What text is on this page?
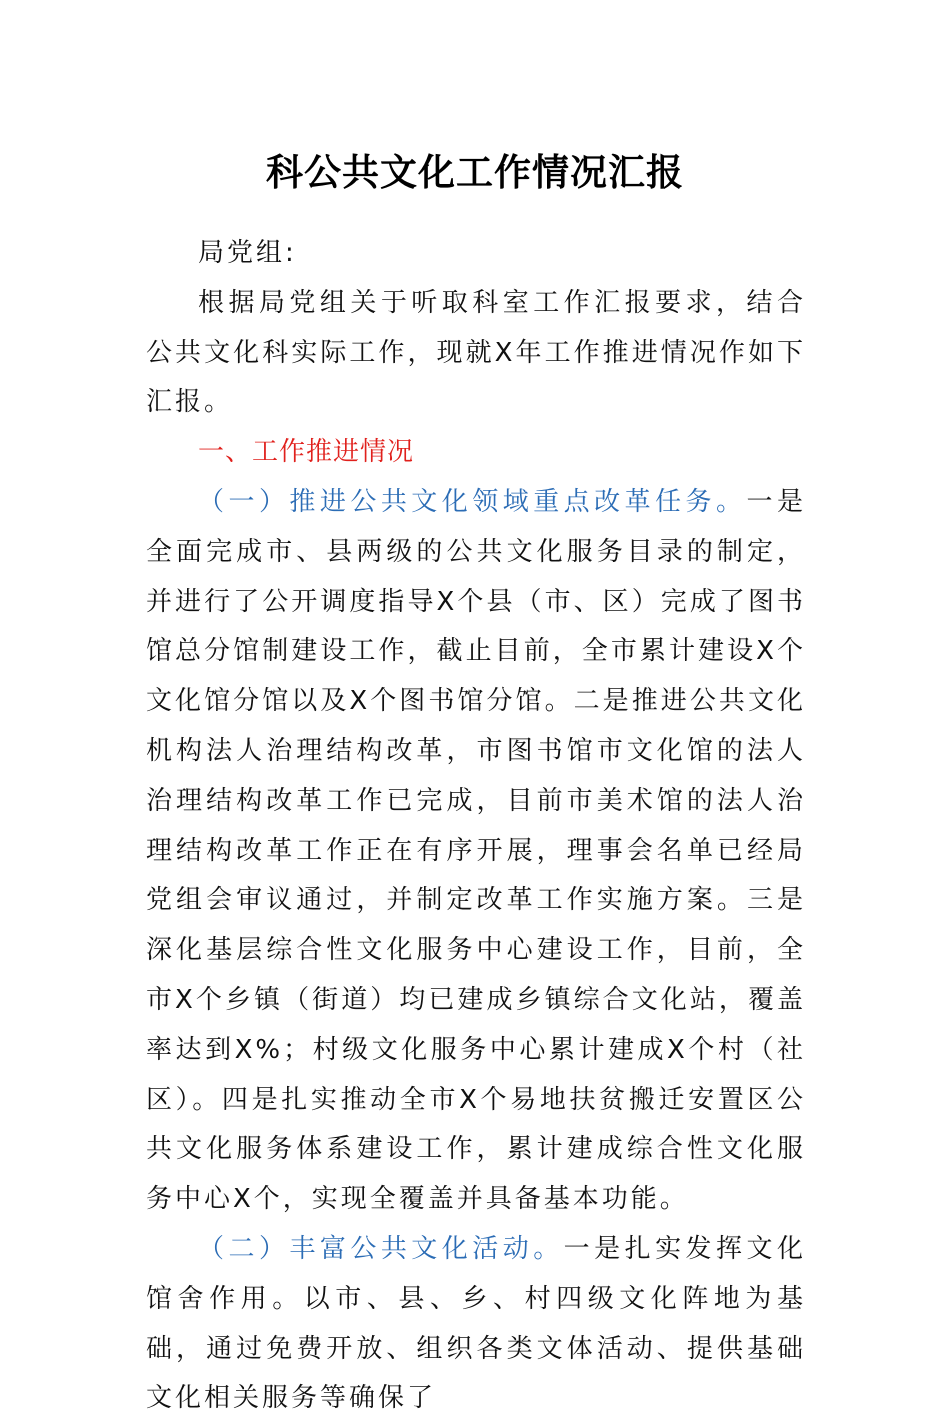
科公共文化工作情况汇报

局党组:

根据局党组关于听取科室工作汇报要求，结合公共文化科实际工作，现就X年工作推进情况作如下汇报。

一、工作推进情况

（一）推进公共文化领域重点改革任务。一是全面完成市、县两级的公共文化服务目录的制定，并进行了公开调度指导X个县（市、区）完成了图书馆总分馆制建设工作，截止目前，全市累计建设X个文化馆分馆以及X个图书馆分馆。二是推进公共文化机构法人治理结构改革，市图书馆市文化馆的法人治理结构改革工作已完成，目前市美术馆的法人治理结构改革工作正在有序开展，理事会名单已经局党组会审议通过，并制定改革工作实施方案。三是深化基层综合性文化服务中心建设工作，目前，全市X个乡镇（街道）均已建成乡镇综合文化站，覆盖率达到X%；村级文化服务中心累计建成X个村（社区）。四是扎实推动全市X个易地扶贫搬迁安置区公共文化服务体系建设工作，累计建成综合性文化服务中心X个，实现全覆盖并具备基本功能。

（二）丰富公共文化活动。一是扎实发挥文化馆舍作用。以市、县、乡、村四级文化阵地为基础，通过免费开放、组织各类文体活动、提供基础文化相关服务等确保了
